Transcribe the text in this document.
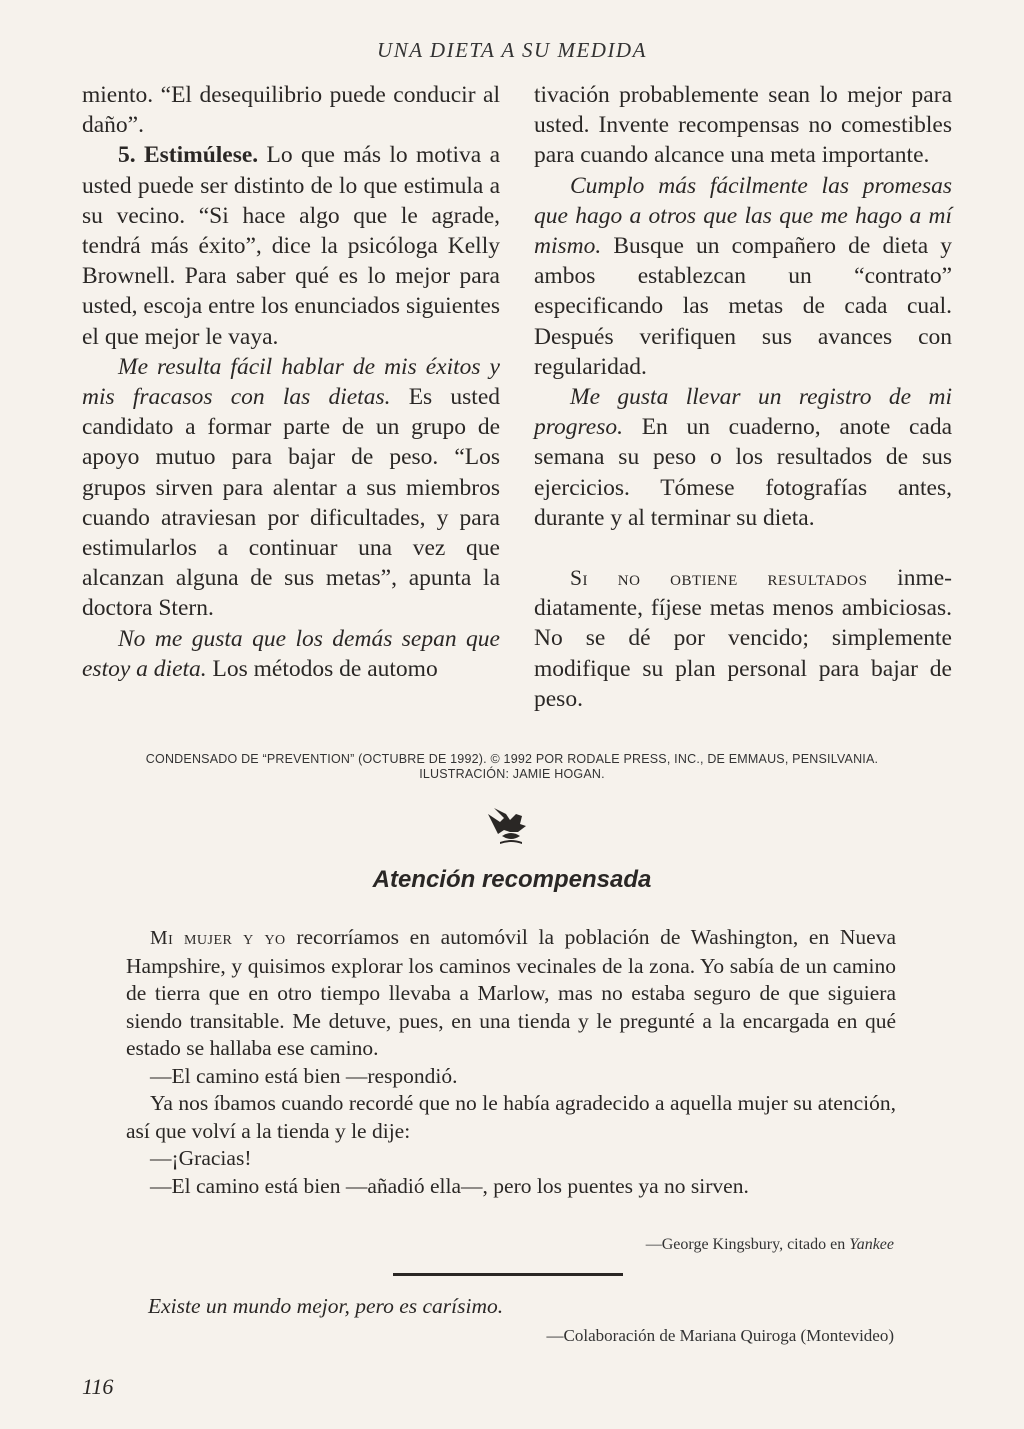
UNA DIETA A SU MEDIDA

miento. “El desequilibrio puede conducir al daño”.

5. Estimúlese. Lo que más lo motiva a usted puede ser distinto de lo que estimula a su vecino. “Si hace algo que le agrade, tendrá más éxito”, dice la psicóloga Kelly Brownell. Para saber qué es lo mejor para usted, escoja entre los enunciados siguientes el que mejor le vaya.

Me resulta fácil hablar de mis éxitos y mis fracasos con las dietas. Es usted candidato a formar parte de un grupo de apoyo mutuo para bajar de peso. “Los grupos sirven para alentar a sus miembros cuando atraviesan por dificultades, y para estimularlos a continuar una vez que alcanzan alguna de sus metas”, apunta la doctora Stern.

No me gusta que los demás sepan que estoy a dieta. Los métodos de automo

tivación probablemente sean lo mejor para usted. Invente recompensas no comestibles para cuando alcance una meta importante.

Cumplo más fácilmente las promesas que hago a otros que las que me hago a mí mismo. Busque un compañero de dieta y ambos establezcan un “contrato” especificando las metas de cada cual. Después verifiquen sus avances con regularidad.

Me gusta llevar un registro de mi progreso. En un cuaderno, anote cada semana su peso o los resultados de sus ejercicios. Tómese fotografías antes, durante y al terminar su dieta.

Si no obtiene resultados inmediatamente, fíjese metas menos ambiciosas. No se dé por vencido; simplemente modifique su plan personal para bajar de peso.

CONDENSADO DE “PREVENTION” (OCTUBRE DE 1992). © 1992 POR RODALE PRESS, INC., DE EMMAUS, PENSILVANIA.
ILUSTRACIÓN: JAMIE HOGAN.
Atención recompensada

Mi mujer y yo recorríamos en automóvil la población de Washington, en Nueva Hampshire, y quisimos explorar los caminos vecinales de la zona. Yo sabía de un camino de tierra que en otro tiempo llevaba a Marlow, mas no estaba seguro de que siguiera siendo transitable. Me detuve, pues, en una tienda y le pregunté a la encargada en qué estado se hallaba ese camino.

—El camino está bien —respondió.

Ya nos íbamos cuando recordé que no le había agradecido a aquella mujer su atención, así que volví a la tienda y le dije:

—¡Gracias!

—El camino está bien —añadió ella—, pero los puentes ya no sirven.

—George Kingsbury, citado en Yankee
Existe un mundo mejor, pero es carísimo.
—Colaboración de Mariana Quiroga (Montevideo)
116
